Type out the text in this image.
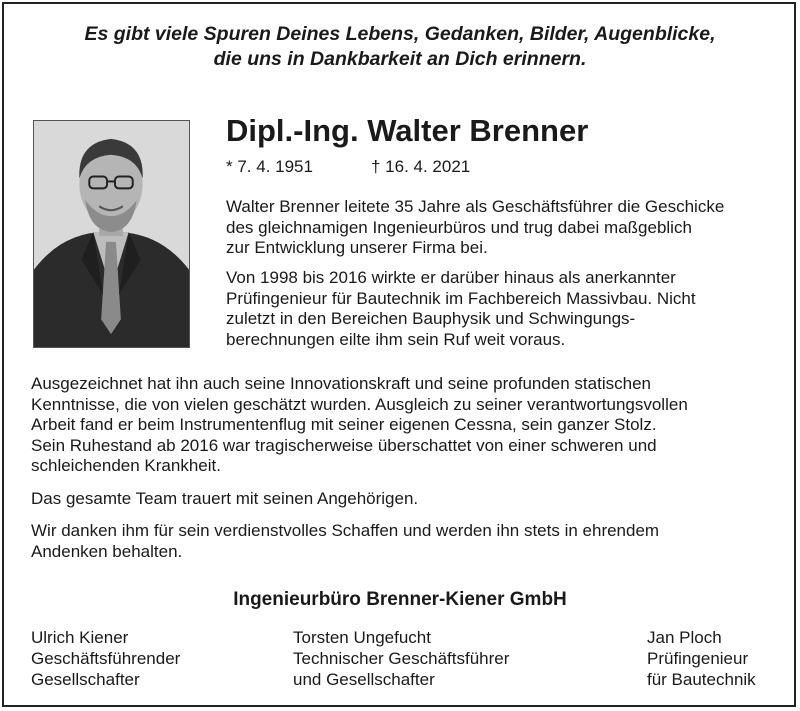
Es gibt viele Spuren Deines Lebens, Gedanken, Bilder, Augenblicke,
die uns in Dankbarkeit an Dich erinnern.
Dipl.-Ing. Walter Brenner
* 7. 4. 1951	† 16. 4. 2021
Walter Brenner leitete 35 Jahre als Geschäftsführer die Geschicke
des gleichnamigen Ingenieurbüros und trug dabei maßgeblich
zur Entwicklung unserer Firma bei.
Von 1998 bis 2016 wirkte er darüber hinaus als anerkannter
Prüfingenieur für Bautechnik im Fachbereich Massivbau. Nicht
zuletzt in den Bereichen Bauphysik und Schwingungs-
berechnungen eilte ihm sein Ruf weit voraus.
Ausgezeichnet hat ihn auch seine Innovationskraft und seine profunden statischen
Kenntnisse, die von vielen geschätzt wurden. Ausgleich zu seiner verantwortungsvollen
Arbeit fand er beim Instrumentenflug mit seiner eigenen Cessna, sein ganzer Stolz.
Sein Ruhestand ab 2016 war tragischerweise überschattet von einer schweren und
schleichenden Krankheit.
Das gesamte Team trauert mit seinen Angehörigen.
Wir danken ihm für sein verdienstvolles Schaffen und werden ihn stets in ehrendem
Andenken behalten.
Ingenieurbüro Brenner-Kiener GmbH
Ulrich Kiener
Geschäftsführender
Gesellschafter
Torsten Ungefucht
Technischer Geschäftsführer
und Gesellschafter
Jan Ploch
Prüfingenieur
für Bautechnik
